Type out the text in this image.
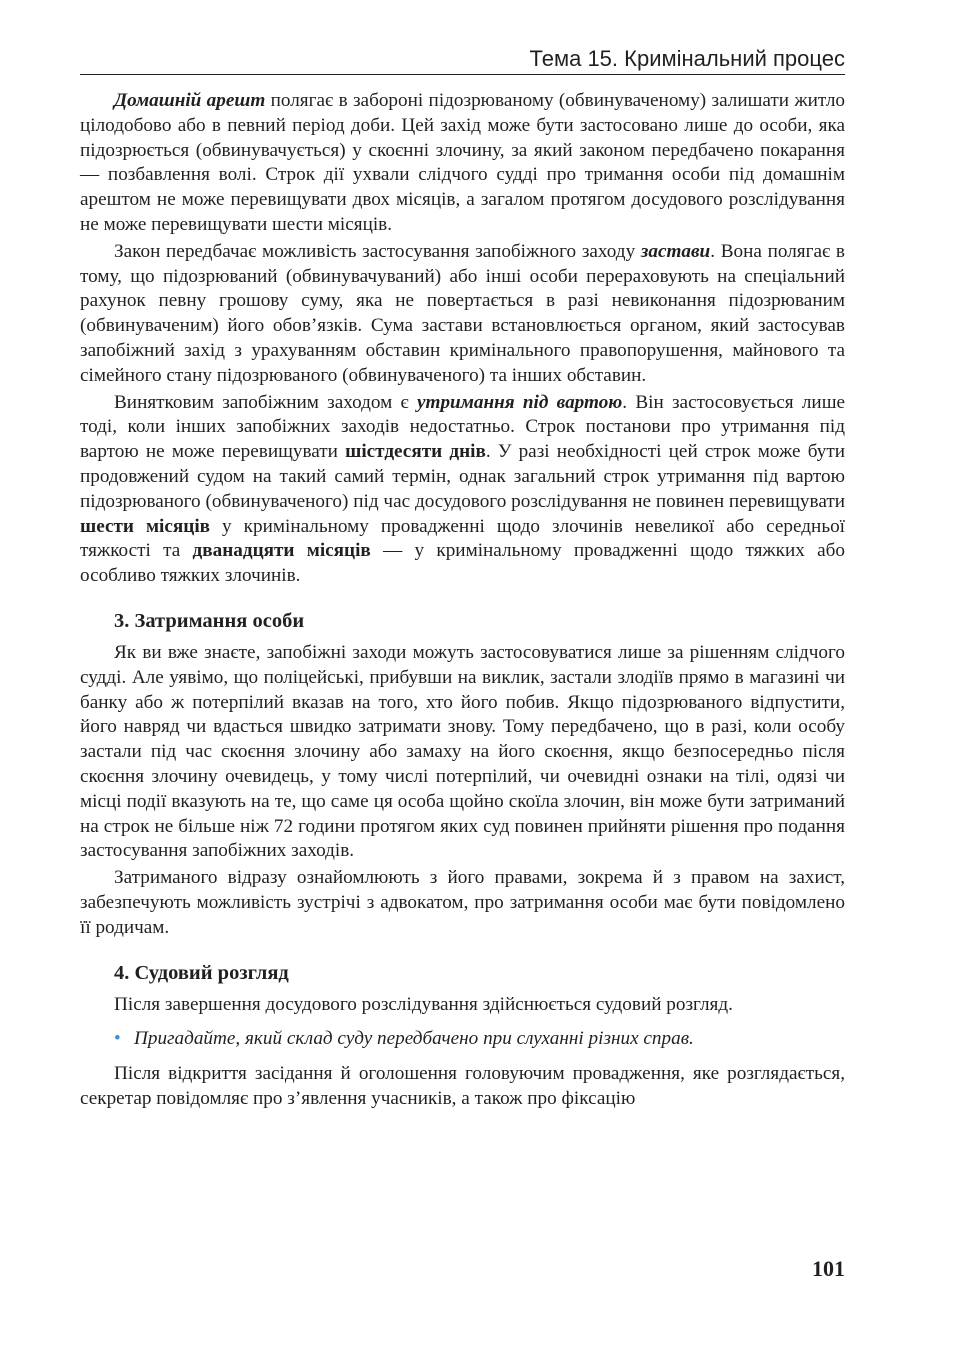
Тема 15. Кримінальний процес

Домашній арешт полягає в забороні підозрюваному (обвинуваченому) залишати житло цілодобово або в певний період доби. Цей захід може бути застосовано лише до особи, яка підозрюється (обвинувачується) у скоєнні злочину, за який законом передбачено покарання — позбавлення волі. Строк дії ухвали слідчого судді про тримання особи під домашнім арештом не може перевищувати двох місяців, а загалом протягом досудового розслідування не може перевищувати шести місяців.

Закон передбачає можливість застосування запобіжного заходу застави. Вона полягає в тому, що підозрюваний (обвинувачуваний) або інші особи перераховують на спеціальний рахунок певну грошову суму, яка не повертається в разі невиконання підозрюваним (обвинуваченим) його обов’язків. Сума застави встановлюється органом, який застосував запобіжний захід з урахуванням обставин кримінального правопорушення, майнового та сімейного стану підозрюваного (обвинуваченого) та інших обставин.

Винятковим запобіжним заходом є утримання під вартою. Він застосовується лише тоді, коли інших запобіжних заходів недостатньо. Строк постанови про утримання під вартою не може перевищувати шістдесяти днів. У разі необхідності цей строк може бути продовжений судом на такий самий термін, однак загальний строк утримання під вартою підозрюваного (обвинуваченого) під час досудового розслідування не повинен перевищувати шести місяців у кримінальному провадженні щодо злочинів невеликої або середньої тяжкості та дванадцяти місяців — у кримінальному провадженні щодо тяжких або особливо тяжких злочинів.

3. Затримання особи

Як ви вже знаєте, запобіжні заходи можуть застосовуватися лише за рішенням слідчого судді. Але уявімо, що поліцейські, прибувши на виклик, застали злодіїв прямо в магазині чи банку або ж потерпілий вказав на того, хто його побив. Якщо підозрюваного відпустити, його навряд чи вдасться швидко затримати знову. Тому передбачено, що в разі, коли особу застали під час скоєння злочину або замаху на його скоєння, якщо безпосередньо після скоєння злочину очевидець, у тому числі потерпілий, чи очевидні ознаки на тілі, одязі чи місці події вказують на те, що саме ця особа щойно скоїла злочин, він може бути затриманий на строк не більше ніж 72 години протягом яких суд повинен прийняти рішення про подання застосування запобіжних заходів.

Затриманого відразу ознайомлюють з його правами, зокрема й з правом на захист, забезпечують можливість зустрічі з адвокатом, про затримання особи має бути повідомлено її родичам.

4. Судовий розгляд

Після завершення досудового розслідування здійснюється судовий розгляд.

• Пригадайте, який склад суду передбачено при слуханні різних справ.

Після відкриття засідання й оголошення головуючим провадження, яке розглядається, секретар повідомляє про з’явлення учасників, а також про фіксацію

101
